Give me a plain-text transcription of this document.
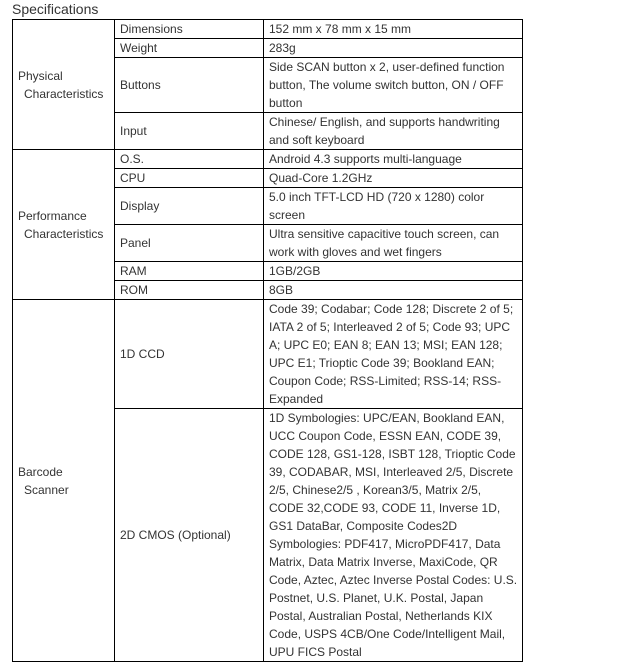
Specifications
Physical Characteristics	Dimensions	152 mm x 78 mm x 15 mm
	Weight	283g
	Buttons	Side SCAN button x 2, user-defined function button, The volume switch button, ON / OFF button
	Input	Chinese/ English, and supports handwriting and soft keyboard

Performance Characteristics	O.S.	Android 4.3 supports multi-language
	CPU	Quad-Core 1.2GHz
	Display	5.0 inch TFT-LCD HD (720 x 1280) color screen
	Panel	Ultra sensitive capacitive touch screen, can work with gloves and wet fingers
	RAM	1GB/2GB
	ROM	8GB

Barcode Scanner	1D CCD	Code 39; Codabar; Code 128; Discrete 2 of 5; IATA 2 of 5; Interleaved 2 of 5; Code 93; UPC A; UPC E0; EAN 8; EAN 13; MSI; EAN 128; UPC E1; Trioptic Code 39; Bookland EAN; Coupon Code; RSS-Limited; RSS-14; RSS-Expanded
	2D CMOS (Optional)	1D Symbologies: UPC/EAN, Bookland EAN, UCC Coupon Code, ESSN EAN, CODE 39, CODE 128, GS1-128, ISBT 128, Trioptic Code 39, CODABAR, MSI, Interleaved 2/5, Discrete 2/5, Chinese2/5 , Korean3/5, Matrix 2/5, CODE 32,CODE 93, CODE 11, Inverse 1D, GS1 DataBar, Composite Codes2D Symbologies: PDF417, MicroPDF417, Data Matrix, Data Matrix Inverse, MaxiCode, QR Code, Aztec, Aztec Inverse Postal Codes: U.S. Postnet, U.S. Planet, U.K. Postal, Japan Postal, Australian Postal, Netherlands KIX Code, USPS 4CB/One Code/Intelligent Mail, UPU FICS Postal
